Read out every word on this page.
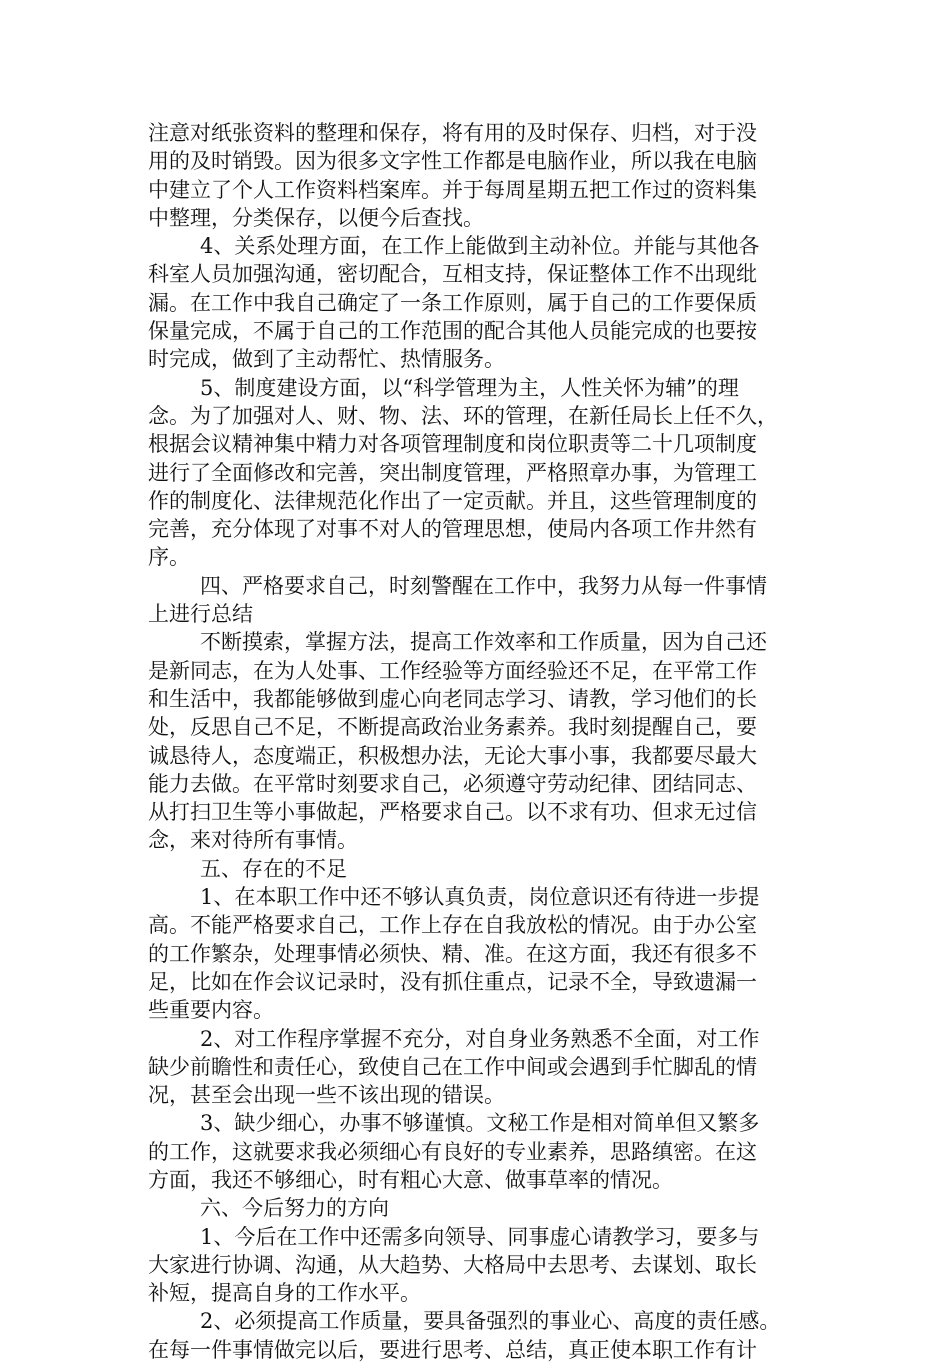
注意对纸张资料的整理和保存，将有用的及时保存、归档，对于没
用的及时销毁。因为很多文字性工作都是电脑作业，所以我在电脑
中建立了个人工作资料档案库。并于每周星期五把工作过的资料集
中整理，分类保存，以便今后查找。
4、关系处理方面，在工作上能做到主动补位。并能与其他各
科室人员加强沟通，密切配合，互相支持，保证整体工作不出现纰
漏。在工作中我自己确定了一条工作原则，属于自己的工作要保质
保量完成，不属于自己的工作范围的配合其他人员能完成的也要按
时完成，做到了主动帮忙、热情服务。
5、制度建设方面，以“科学管理为主，人性关怀为辅”的理
念。为了加强对人、财、物、法、环的管理，在新任局长上任不久，
根据会议精神集中精力对各项管理制度和岗位职责等二十几项制度
进行了全面修改和完善，突出制度管理，严格照章办事，为管理工
作的制度化、法律规范化作出了一定贡献。并且，这些管理制度的
完善，充分体现了对事不对人的管理思想，使局内各项工作井然有
序。
四、严格要求自己，时刻警醒在工作中，我努力从每一件事情
上进行总结
不断摸索，掌握方法，提高工作效率和工作质量，因为自己还
是新同志，在为人处事、工作经验等方面经验还不足，在平常工作
和生活中，我都能够做到虚心向老同志学习、请教，学习他们的长
处，反思自己不足，不断提高政治业务素养。我时刻提醒自己，要
诚恳待人，态度端正，积极想办法，无论大事小事，我都要尽最大
能力去做。在平常时刻要求自己，必须遵守劳动纪律、团结同志、
从打扫卫生等小事做起，严格要求自己。以不求有功、但求无过信
念，来对待所有事情。
五、存在的不足
1、在本职工作中还不够认真负责，岗位意识还有待进一步提
高。不能严格要求自己，工作上存在自我放松的情况。由于办公室
的工作繁杂，处理事情必须快、精、准。在这方面，我还有很多不
足，比如在作会议记录时，没有抓住重点，记录不全，导致遗漏一
些重要内容。
2、对工作程序掌握不充分，对自身业务熟悉不全面，对工作
缺少前瞻性和责任心，致使自己在工作中间或会遇到手忙脚乱的情
况，甚至会出现一些不该出现的错误。
3、缺少细心，办事不够谨慎。文秘工作是相对简单但又繁多
的工作，这就要求我必须细心有良好的专业素养，思路缜密。在这
方面，我还不够细心，时有粗心大意、做事草率的情况。
六、今后努力的方向
1、今后在工作中还需多向领导、同事虚心请教学习，要多与
大家进行协调、沟通，从大趋势、大格局中去思考、去谋划、取长
补短，提高自身的工作水平。
2、必须提高工作质量，要具备强烈的事业心、高度的责任感。
在每一件事情做完以后，要进行思考、总结，真正使本职工作有计
